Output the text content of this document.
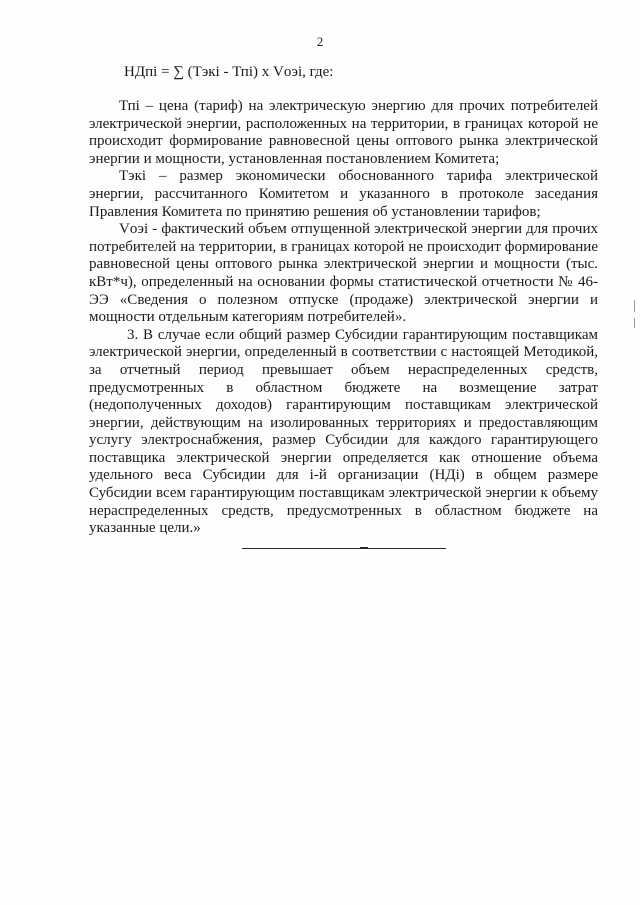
2
НДпі = ∑ (Тэкі - Тпі) х Vоэі, где:

Тпі – цена (тариф) на электрическую энергию для прочих потребителей электрической энергии, расположенных на территории, в границах которой не происходит формирование равновесной цены оптового рынка электрической энергии и мощности, установленная постановлением Комитета;

Тэкі – размер экономически обоснованного тарифа электрической энергии, рассчитанного Комитетом и указанного в протоколе заседания Правления Комитета по принятию решения об установлении тарифов;

Vоэі - фактический объем отпущенной электрической энергии для прочих потребителей на территории, в границах которой не происходит формирование равновесной цены оптового рынка электрической энергии и мощности (тыс. кВт*ч), определенный на основании формы статистической отчетности № 46-ЭЭ «Сведения о полезном отпуске (продаже) электрической энергии и мощности отдельным категориям потребителей».

3. В случае если общий размер Субсидии гарантирующим поставщикам электрической энергии, определенный в соответствии с настоящей Методикой, за отчетный период превышает объем нераспределенных средств, предусмотренных в областном бюджете на возмещение затрат (недополученных доходов) гарантирующим поставщикам электрической энергии, действующим на изолированных территориях и предоставляющим услугу электроснабжения, размер Субсидии для каждого гарантирующего поставщика электрической энергии определяется как отношение объема удельного веса Субсидии для і-й организации (НДі) в общем размере Субсидии всем гарантирующим поставщикам электрической энергии к объему нераспределенных средств, предусмотренных в областном бюджете на указанные цели.»
